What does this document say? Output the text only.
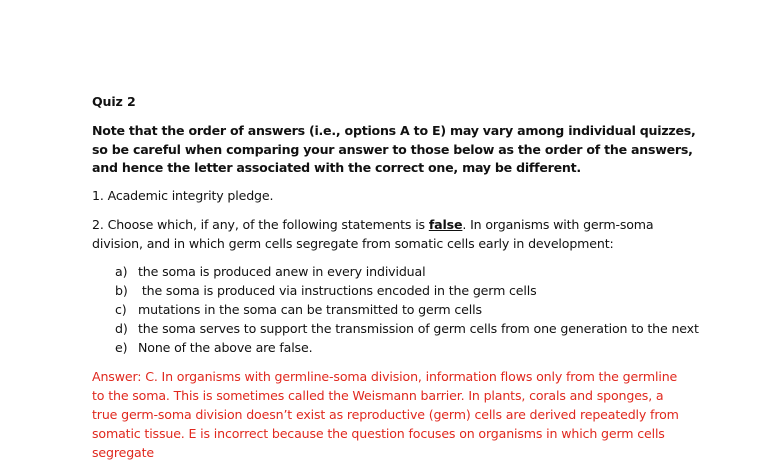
Quiz 2
Note that the order of answers (i.e., options A to E) may vary among individual quizzes, so be careful when comparing your answer to those below as the order of the answers, and hence the letter associated with the correct one, may be different.
1. Academic integrity pledge.
2. Choose which, if any, of the following statements is false. In organisms with germ-soma division, and in which germ cells segregate from somatic cells early in development:
a) the soma is produced anew in every individual
b) the soma is produced via instructions encoded in the germ cells
c) mutations in the soma can be transmitted to germ cells
d) the soma serves to support the transmission of germ cells from one generation to the next
e) None of the above are false.
Answer: C. In organisms with germline-soma division, information flows only from the germline to the soma. This is sometimes called the Weismann barrier. In plants, corals and sponges, a true germ-soma division doesn’t exist as reproductive (germ) cells are derived repeatedly from somatic tissue. E is incorrect because the question focuses on organisms in which germ cells segregate
